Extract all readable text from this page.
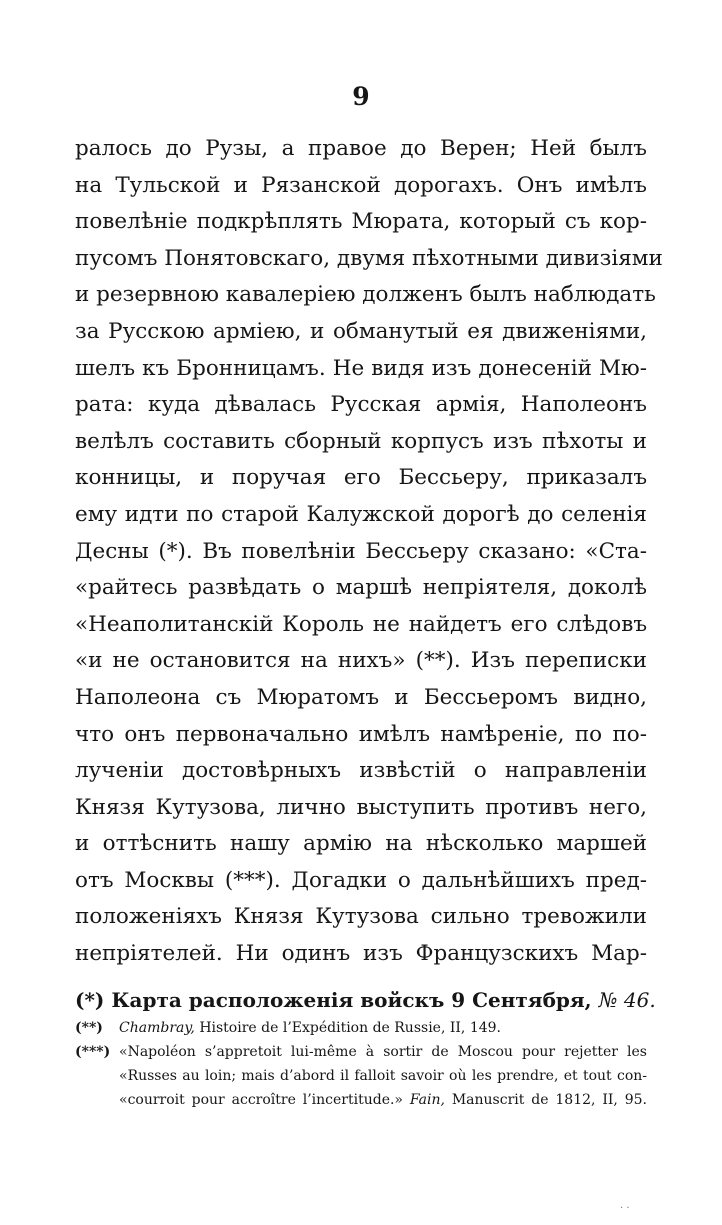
9
ралось до Рузы, а правое до Верен; Ней былъ
на Тульской и Рязанской дорогахъ. Онъ имѣлъ
повелѣніе подкрѣплять Мюрата, который съ кор-
пусомъ Понятовскаго, двумя пѣхотными дивизіями
и резервною кавалеріею долженъ былъ наблюдать
за Русскою арміею, и обманутый ея движеніями,
шелъ къ Бронницамъ. Не видя изъ донесеній Мю-
рата: куда дѣвалась Русская армія, Наполеонъ
велѣлъ составить сборный корпусъ изъ пѣхоты и
конницы, и поручая его Бессьеру, приказалъ
ему идти по старой Калужской дорогѣ до селенія
Десны (*). Въ повелѣніи Бессьеру сказано: «Ста-
«райтесь развѣдать о маршѣ непріятеля, доколѣ
«Неаполитанскій Король не найдетъ его слѣдовъ
«и не остановится на нихъ» (**). Изъ переписки
Наполеона съ Мюратомъ и Бессьеромъ видно,
что онъ первоначально имѣлъ намѣреніе, по по-
лученіи достовѣрныхъ извѣстій о направленіи
Князя Кутузова, лично выступить противъ него,
и оттѣснить нашу армію на нѣсколько маршей
отъ Москвы (***). Догадки о дальнѣйшихъ пред-
положеніяхъ Князя Кутузова сильно тревожили
непріятелей. Ни одинъ изъ Французскихъ Мар-
(*) Карта расположенія войскъ 9 Сентября, № 46.
(**) Chambray, Histoire de l’Expédition de Russie, II, 149.
(***) «Napoléon s’appretoit lui-même à sortir de Moscou pour rejetter les
«Russes au loin; mais d’abord il falloit savoir où les prendre, et tout con-
«courroit pour accroître l’incertitude.» Fain, Manuscrit de 1812, II, 95.
· ·
